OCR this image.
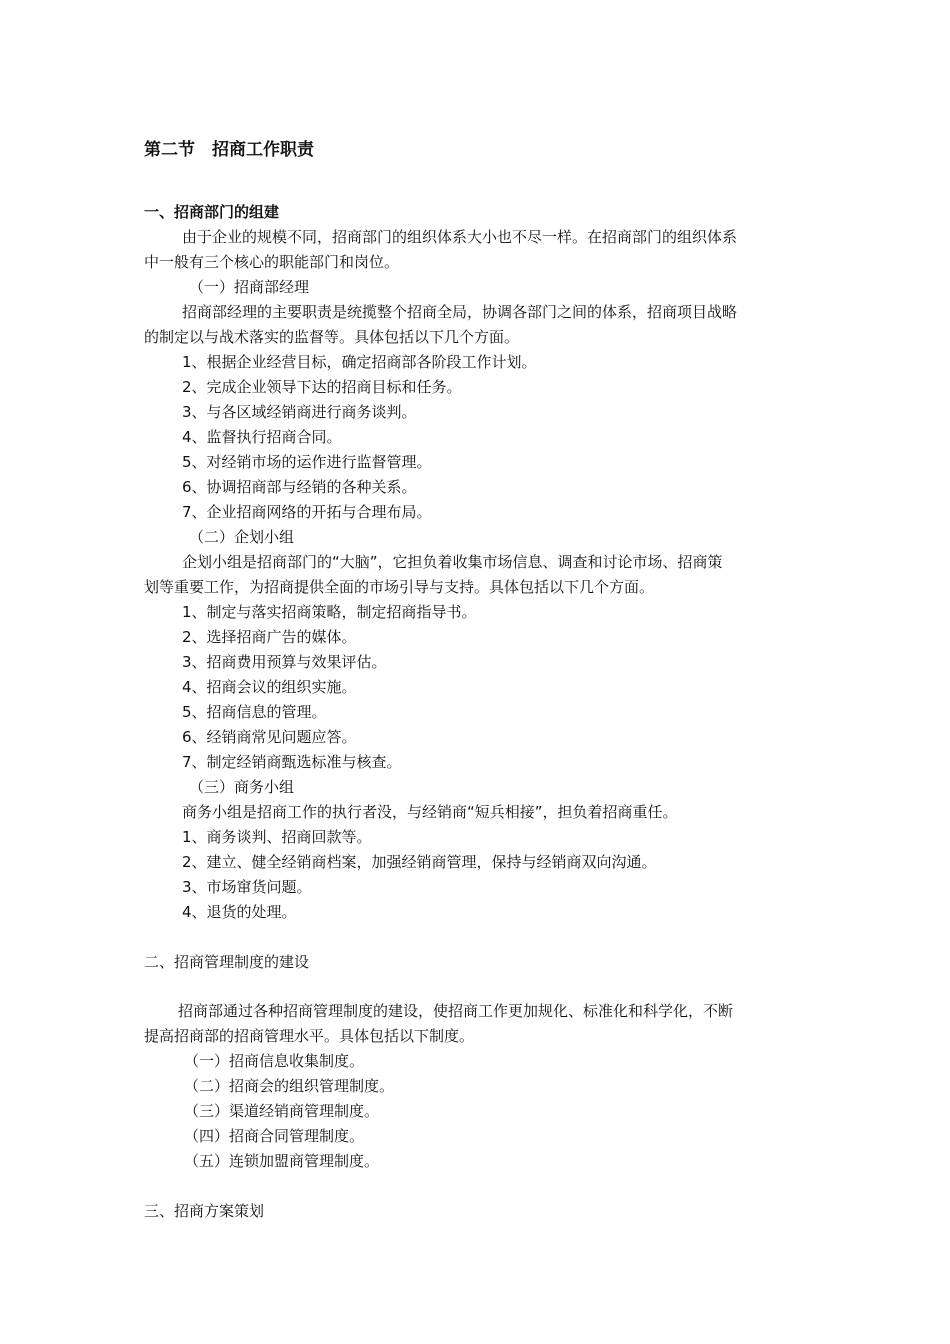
第二节　招商工作职责
一、招商部门的组建
由于企业的规模不同，招商部门的组织体系大小也不尽一样。在招商部门的组织体系
中一般有三个核心的职能部门和岗位。
（一）招商部经理
招商部经理的主要职责是统揽整个招商全局，协调各部门之间的体系，招商项目战略
的制定以与战术落实的监督等。具体包括以下几个方面。
1、根据企业经营目标，确定招商部各阶段工作计划。
2、完成企业领导下达的招商目标和任务。
3、与各区域经销商进行商务谈判。
4、监督执行招商合同。
5、对经销市场的运作进行监督管理。
6、协调招商部与经销的各种关系。
7、企业招商网络的开拓与合理布局。
（二）企划小组
企划小组是招商部门的“大脑”，它担负着收集市场信息、调查和讨论市场、招商策
划等重要工作，为招商提供全面的市场引导与支持。具体包括以下几个方面。
1、制定与落实招商策略，制定招商指导书。
2、选择招商广告的媒体。
3、招商费用预算与效果评估。
4、招商会议的组织实施。
5、招商信息的管理。
6、经销商常见问题应答。
7、制定经销商甄选标准与核查。
（三）商务小组
商务小组是招商工作的执行者没，与经销商“短兵相接”，担负着招商重任。
1、商务谈判、招商回款等。
2、建立、健全经销商档案，加强经销商管理，保持与经销商双向沟通。
3、市场窜货问题。
4、退货的处理。
二、招商管理制度的建设
招商部通过各种招商管理制度的建设，使招商工作更加规化、标准化和科学化，不断
提高招商部的招商管理水平。具体包括以下制度。
（一）招商信息收集制度。
（二）招商会的组织管理制度。
（三）渠道经销商管理制度。
（四）招商合同管理制度。
（五）连锁加盟商管理制度。
三、招商方案策划
